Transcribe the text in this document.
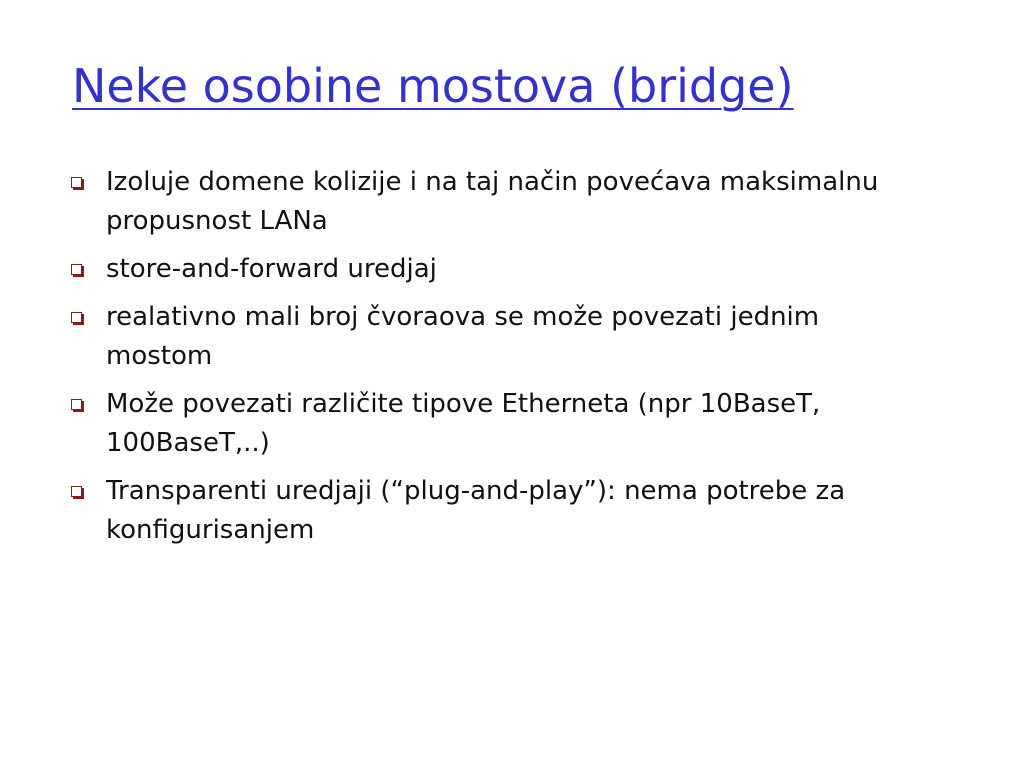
Neke osobine mostova (bridge)
Izoluje domene kolizije i na taj način povećava maksimalnu propusnost LANa
store-and-forward uredjaj
realativno mali broj čvoraova se može povezati jednim mostom
Može povezati različite tipove Etherneta (npr 10BaseT, 100BaseT,..)
Transparenti uredjaji (“plug-and-play”): nema potrebe za konfigurisanjem
